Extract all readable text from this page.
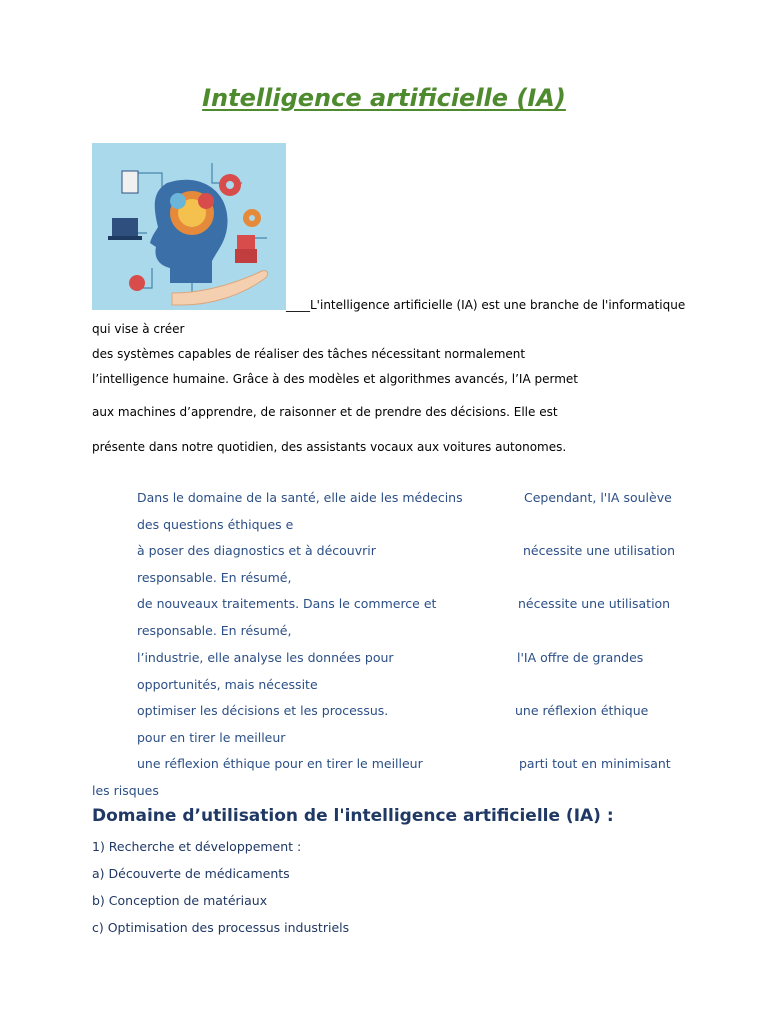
Intelligence artificielle (IA)
____L'intelligence artificielle (IA) est une branche de l'informatique
qui vise à créer
des systèmes capables de réaliser des tâches nécessitant normalement
l’intelligence humaine. Grâce à des modèles et algorithmes avancés, l’IA permet
aux machines d’apprendre, de raisonner et de prendre des décisions. Elle est
présente dans notre quotidien, des assistants vocaux aux voitures autonomes.
Dans le domaine de la santé, elle aide les médecins	Cependant, l'IA soulève
des questions éthiques e
à poser des diagnostics et à découvrir	nécessite une utilisation
responsable. En résumé,
de nouveaux traitements. Dans le commerce et	nécessite une utilisation
responsable. En résumé,
l’industrie, elle analyse les données pour	l'IA offre de grandes
opportunités, mais nécessite
optimiser les décisions et les processus.	une réflexion éthique
pour en tirer le meilleur
une réflexion éthique pour en tirer le meilleur	parti tout en minimisant
les risques
Domaine d’utilisation de l'intelligence artificielle (IA) :
1) Recherche et développement :
a) Découverte de médicaments
b) Conception de matériaux
c) Optimisation des processus industriels
